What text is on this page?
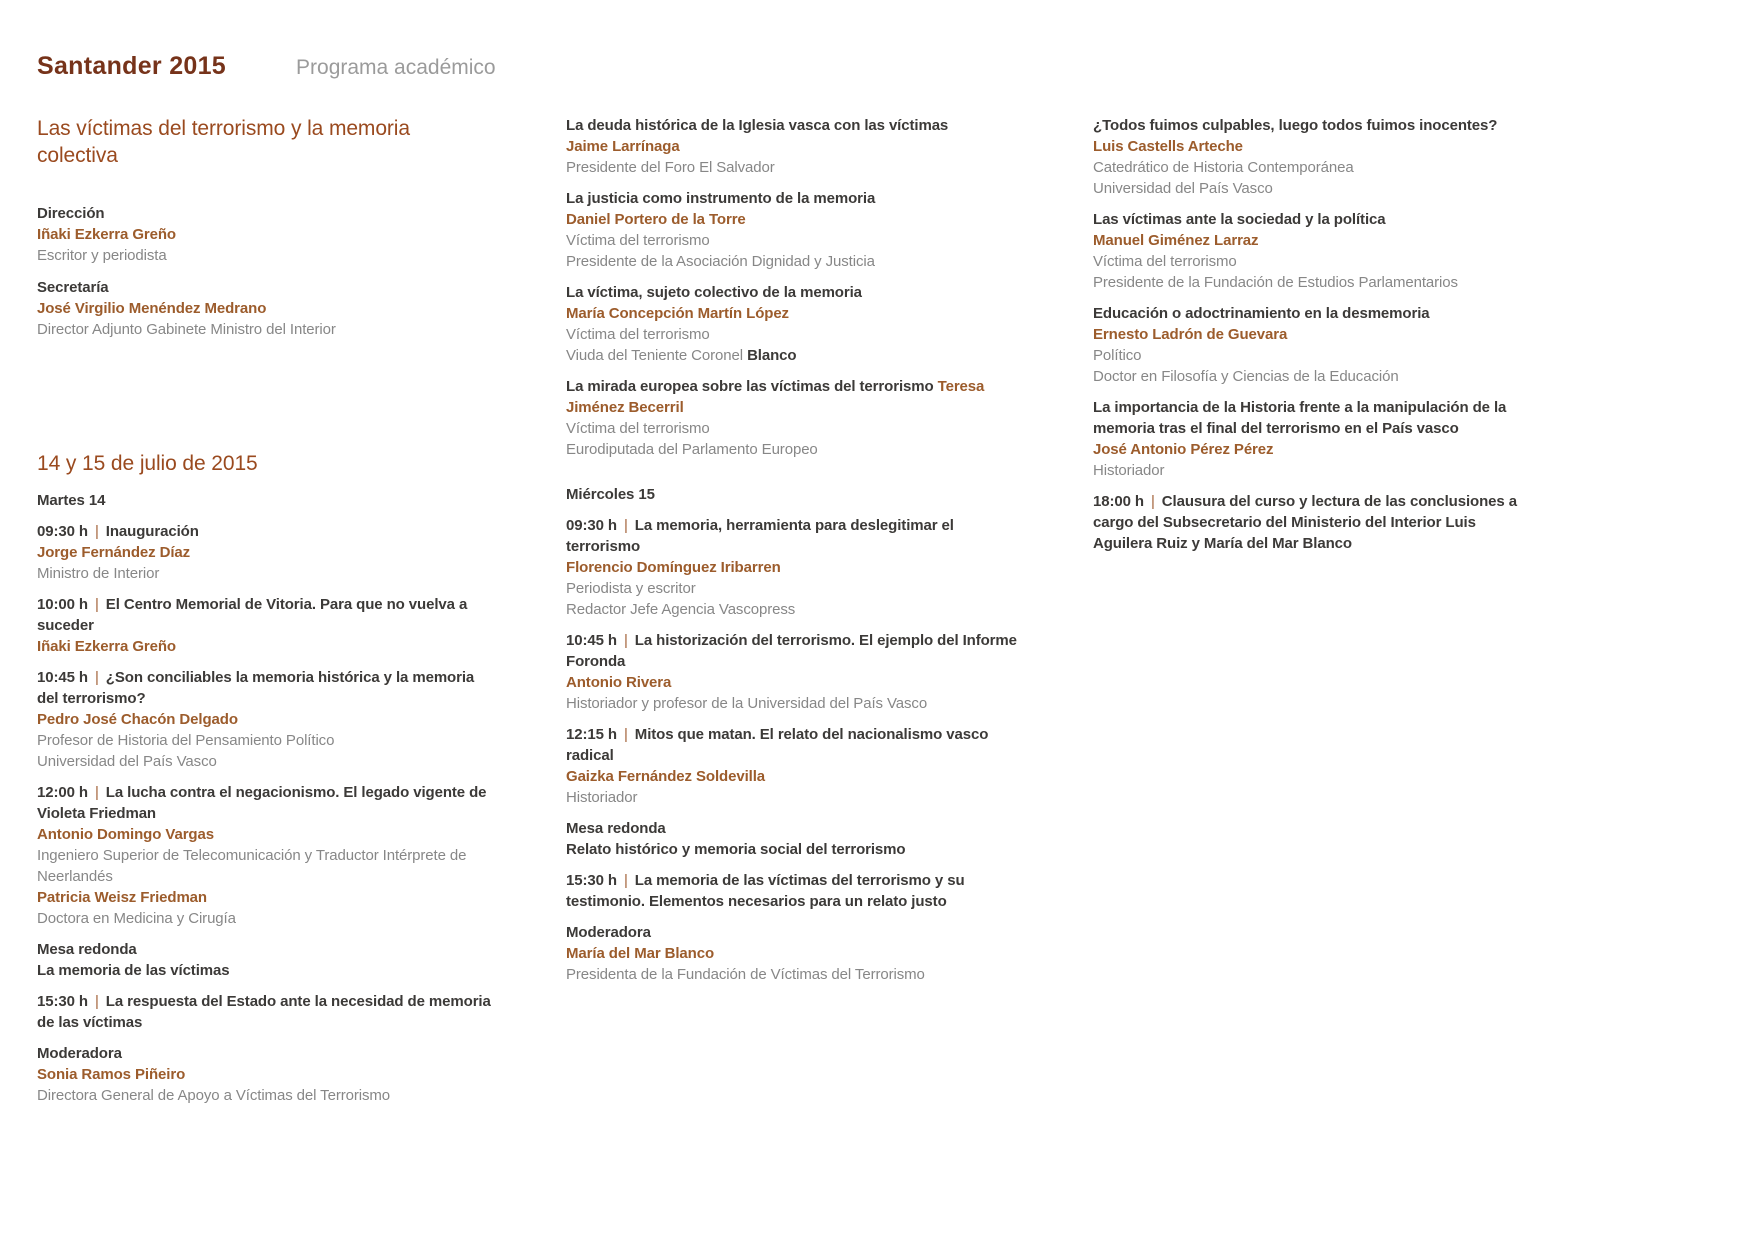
Santander 2015	Programa académico
Las víctimas del terrorismo y la memoria colectiva

Dirección

Iñaki Ezkerra Greño

Escritor y periodista

Secretaría

José Virgilio Menéndez Medrano

Director Adjunto Gabinete Ministro del Interior

14 y 15 de julio de 2015

Martes 14

09:30 h | Inauguración

Jorge Fernández Díaz

Ministro de Interior

10:00 h | El Centro Memorial de Vitoria. Para que no vuelva a suceder

Iñaki Ezkerra Greño

10:45 h | ¿Son conciliables la memoria histórica y la memoria del terrorismo?

Pedro José Chacón Delgado

Profesor de Historia del Pensamiento Político

Universidad del País Vasco

12:00 h | La lucha contra el negacionismo. El legado vigente de Violeta Friedman

Antonio Domingo Vargas

Ingeniero Superior de Telecomunicación y Traductor Intérprete de Neerlandés

Patricia Weisz Friedman

Doctora en Medicina y Cirugía

Mesa redonda

La memoria de las víctimas

15:30 h | La respuesta del Estado ante la necesidad de memoria de las víctimas

Moderadora

Sonia Ramos Piñeiro

Directora General de Apoyo a Víctimas del Terrorismo

La deuda histórica de la Iglesia vasca con las víctimas

Jaime Larrínaga

Presidente del Foro El Salvador

La justicia como instrumento de la memoria

Daniel Portero de la Torre

Víctima del terrorismo

Presidente de la Asociación Dignidad y Justicia

La víctima, sujeto colectivo de la memoria

María Concepción Martín López

Víctima del terrorismo

Viuda del Teniente Coronel Blanco

La mirada europea sobre las víctimas del terrorismo Teresa Jiménez Becerril

Víctima del terrorismo

Eurodiputada del Parlamento Europeo

Miércoles 15

09:30 h | La memoria, herramienta para deslegitimar el terrorismo

Florencio Domínguez Iribarren

Periodista y escritor

Redactor Jefe Agencia Vascopress

10:45 h | La historización del terrorismo. El ejemplo del Informe Foronda

Antonio Rivera

Historiador y profesor de la Universidad del País Vasco

12:15 h | Mitos que matan. El relato del nacionalismo vasco radical

Gaizka Fernández Soldevilla

Historiador

Mesa redonda

Relato histórico y memoria social del terrorismo

15:30 h | La memoria de las víctimas del terrorismo y su testimonio. Elementos necesarios para un relato justo

Moderadora

María del Mar Blanco

Presidenta de la Fundación de Víctimas del Terrorismo

¿Todos fuimos culpables, luego todos fuimos inocentes?

Luis Castells Arteche

Catedrático de Historia Contemporánea

Universidad del País Vasco

Las víctimas ante la sociedad y la política

Manuel Giménez Larraz

Víctima del terrorismo

Presidente de la Fundación de Estudios Parlamentarios

Educación o adoctrinamiento en la desmemoria

Ernesto Ladrón de Guevara

Político

Doctor en Filosofía y Ciencias de la Educación

La importancia de la Historia frente a la manipulación de la memoria tras el final del terrorismo en el País vasco

José Antonio Pérez Pérez

Historiador

18:00 h | Clausura del curso y lectura de las conclusiones a cargo del Subsecretario del Ministerio del Interior Luis Aguilera Ruiz y María del Mar Blanco
